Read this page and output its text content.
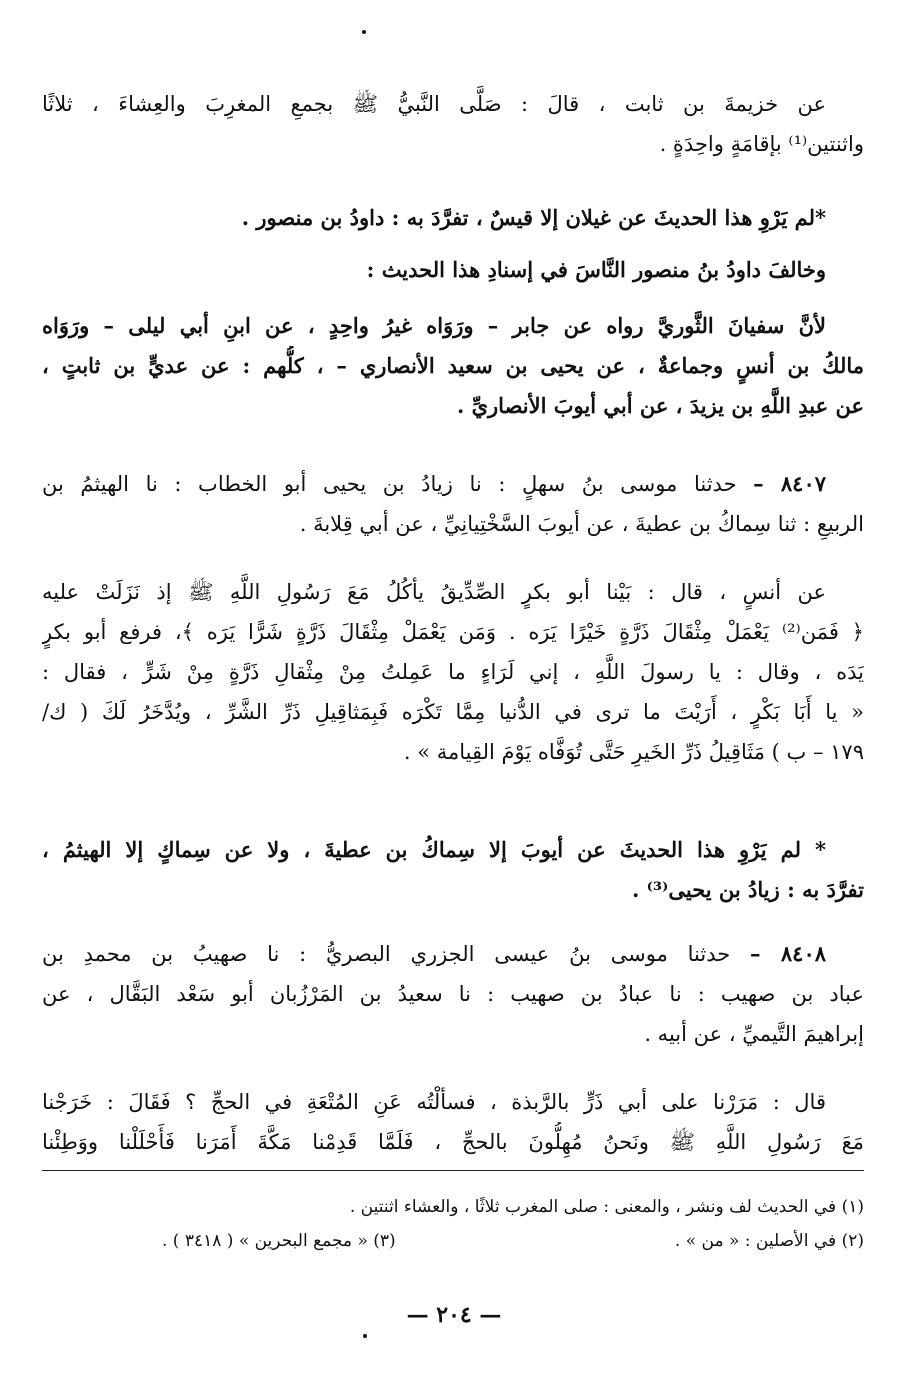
عن خزيمةَ بن ثابت ، قالَ : صَلَّى النَّبيُّ ﷺ بجمعِ المغرِبَ والعِشاءَ ، ثلاثًا
واثنتين⁽¹⁾ بإقامَةٍ واحِدَةٍ .
*لم يَرْوِ هذا الحديثَ عن غيلان إلا قيسٌ ، تفرَّدَ به : داودُ بن منصور .
وخالفَ داودُ بنُ منصور النَّاسَ في إسنادِ هذا الحديث :
لأنَّ سفيانَ الثَّوريَّ رواه عن جابر – ورَوَاه غيرُ واحِدٍ ، عن ابنِ أبي ليلى – ورَوَاه
مالكُ بن أنسٍ وجماعةٌ ، عن يحيى بن سعيد الأنصاري – ، كلُّهم : عن عديٍّ بن ثابتٍ ،
عن عبدِ اللَّهِ بن يزيدَ ، عن أبي أيوبَ الأنصاريِّ .
٨٤٠٧ – حدثنا موسى بنُ سهلٍ : نا زيادُ بن يحيى أبو الخطاب : نا الهيثمُ بن
الربيعِ : ثنا سِماكُ بن عطيةَ ، عن أيوبَ السَّخْتِيانِيِّ ، عن أبي قِلابةَ .
عن أنسٍ ، قال : بَيْنا أبو بكرٍ الصِّدِّيقُ يأكُلُ مَعَ رَسُولِ اللَّهِ ﷺ إذ نَزَلَتْ عليه
﴿ فَمَن⁽²⁾ يَعْمَلْ مِثْقَالَ ذَرَّةٍ خَيْرًا يَرَه . وَمَن يَعْمَلْ مِثْقَالَ ذَرَّةٍ شَرًّا يَرَه ﴾، فرفع أبو بكرٍ
يَدَه ، وقال : يا رسولَ اللَّهِ ، إني لَرَاءٍ ما عَمِلتُ مِنْ مِثْقالِ ذَرَّةٍ مِنْ شَرٍّ ، فقال :
« يا أَبَا بَكْرٍ ، أَرَيْتَ ما ترى في الدُّنيا مِمَّا تَكْرَه فَبِمَثاقِيلِ ذَرِّ الشَّرِّ ، ويُدَّخَرُ لَكَ ( ك/
١٧٩ – ب ) مَثَاقِيلُ ذَرِّ الخَيرِ حَتَّى تُوَفَّاه يَوْمَ القِيامة » .
* لم يَرْوِ هذا الحديثَ عن أيوبَ إلا سِماكُ بن عطيةَ ، ولا عن سِماكٍ إلا الهيثمُ ،
تفرَّدَ به : زيادُ بن يحيى⁽³⁾ .
٨٤٠٨ – حدثنا موسى بنُ عيسى الجزري البصريُّ : نا صهيبُ بن محمدِ بن
عباد بن صهيب : نا عبادُ بن صهيب : نا سعيدُ بن المَرْزُبان أبو سَعْد البَقَّال ، عن
إبراهيمَ التَّيميِّ ، عن أبيه .
قال : مَرَرْنا على أبي ذَرٍّ بالرَّبذة ، فسألْتُه عَنِ المُتْعَةِ في الحجِّ ؟ فَقَالَ : خَرَجْنا
مَعَ رَسُولِ اللَّهِ ﷺ ونَحنُ مُهِلُّونَ بالحجِّ ، فَلَمَّا قَدِمْنا مَكَّةَ أَمَرَنا فَأَحْلَلْنا ووَطِئْنا
(١) في الحديث لف ونشر ، والمعنى : صلى المغرب ثلاثًا ، والعشاء اثنتين .
(٢) في الأصلين : « من » .
(٣) « مجمع البحرين » ( ٣٤١٨ ) .
— ٢٠٤ —
